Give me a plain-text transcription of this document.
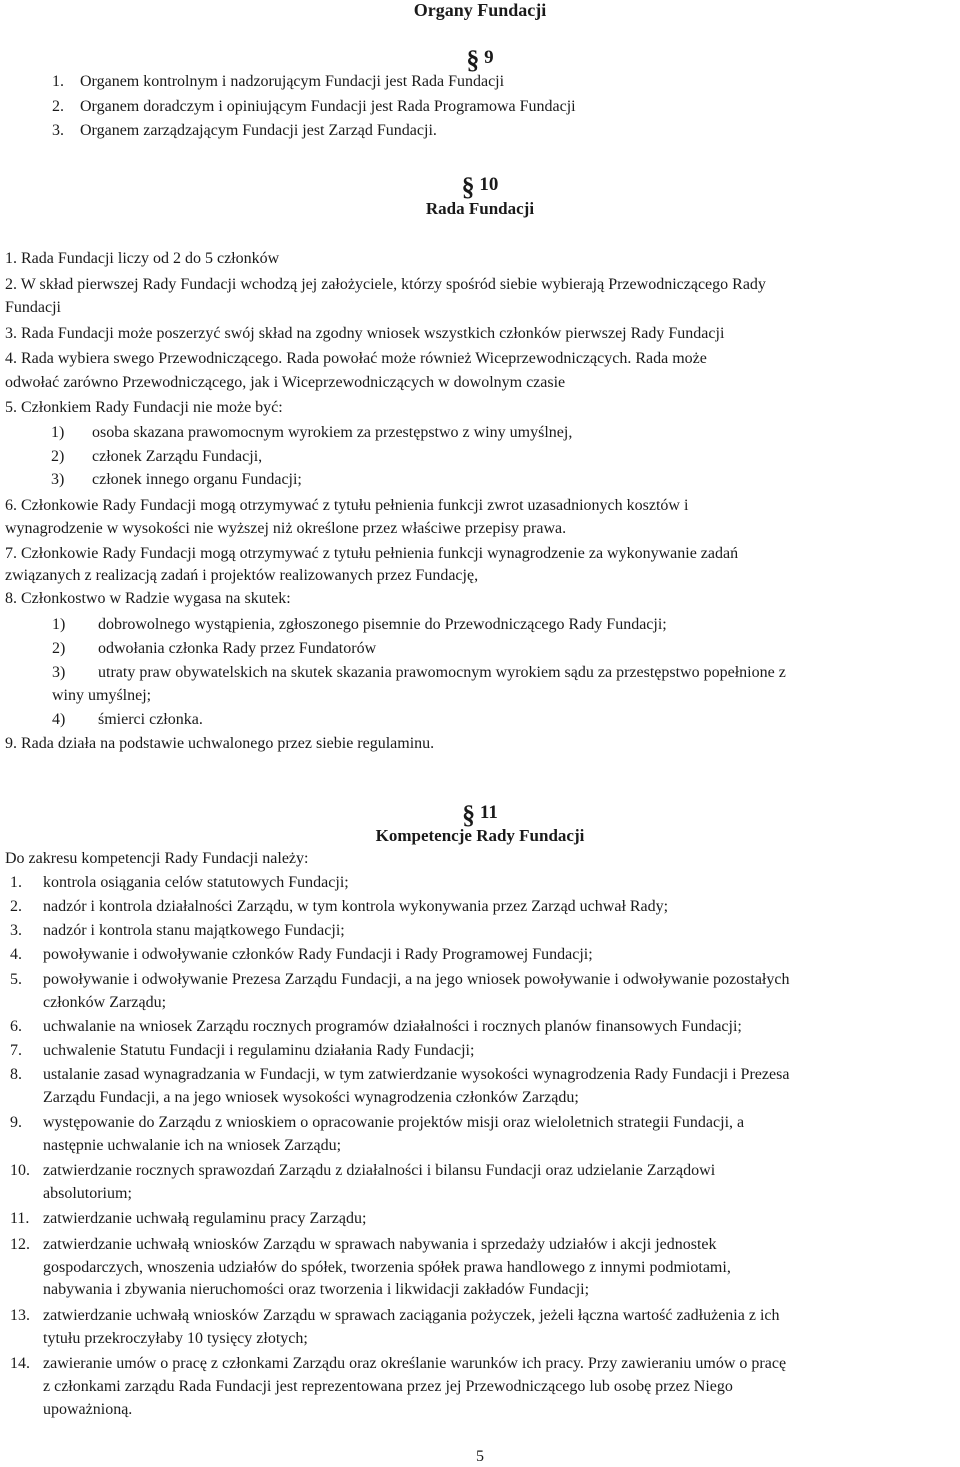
Organy Fundacji
§ 9
1. Organem kontrolnym i nadzorującym Fundacji jest Rada Fundacji
2. Organem doradczym i opiniującym Fundacji jest Rada Programowa Fundacji
3. Organem zarządzającym Fundacji jest Zarząd Fundacji.
§ 10
Rada Fundacji
1. Rada Fundacji liczy od 2 do 5 członków
2. W skład pierwszej Rady Fundacji wchodzą jej założyciele, którzy spośród siebie wybierają Przewodniczącego Rady
Fundacji
3. Rada Fundacji może poszerzyć swój skład na zgodny wniosek wszystkich członków pierwszej Rady Fundacji
4. Rada wybiera swego Przewodniczącego. Rada powołać może również Wiceprzewodniczących. Rada może
odwołać zarówno Przewodniczącego, jak i Wiceprzewodniczących w dowolnym czasie
5. Członkiem Rady Fundacji nie może być:
1) osoba skazana prawomocnym wyrokiem za przestępstwo z winy umyślnej,
2) członek Zarządu Fundacji,
3) członek innego organu Fundacji;
6. Członkowie Rady Fundacji mogą otrzymywać z tytułu pełnienia funkcji zwrot uzasadnionych kosztów i
wynagrodzenie w wysokości nie wyższej niż określone przez właściwe przepisy prawa.
7. Członkowie Rady Fundacji mogą otrzymywać z tytułu pełnienia funkcji wynagrodzenie za wykonywanie zadań
związanych z realizacją zadań i projektów realizowanych przez Fundację,
8. Członkostwo w Radzie wygasa na skutek:
1) dobrowolnego wystąpienia, zgłoszonego pisemnie do Przewodniczącego Rady Fundacji;
2) odwołania członka Rady przez Fundatorów
3) utraty praw obywatelskich na skutek skazania prawomocnym wyrokiem sądu za przestępstwo popełnione z
winy umyślnej;
4) śmierci członka.
9. Rada działa na podstawie uchwalonego przez siebie regulaminu.
§ 11
Kompetencje Rady Fundacji
Do zakresu kompetencji Rady Fundacji należy:
1. kontrola osiągania celów statutowych Fundacji;
2. nadzór i kontrola działalności Zarządu, w tym kontrola wykonywania przez Zarząd uchwał Rady;
3. nadzór i kontrola stanu majątkowego Fundacji;
4. powoływanie i odwoływanie członków Rady Fundacji i Rady Programowej Fundacji;
5. powoływanie i odwoływanie Prezesa Zarządu Fundacji, a na jego wniosek powoływanie i odwoływanie pozostałych
członków Zarządu;
6. uchwalanie na wniosek Zarządu rocznych programów działalności i rocznych planów finansowych Fundacji;
7. uchwalenie Statutu Fundacji i regulaminu działania Rady Fundacji;
8. ustalanie zasad wynagradzania w Fundacji, w tym zatwierdzanie wysokości wynagrodzenia Rady Fundacji i Prezesa
Zarządu Fundacji, a na jego wniosek wysokości wynagrodzenia członków Zarządu;
9. występowanie do Zarządu z wnioskiem o opracowanie projektów misji oraz wieloletnich strategii Fundacji, a
następnie uchwalanie ich na wniosek Zarządu;
10. zatwierdzanie rocznych sprawozdań Zarządu z działalności i bilansu Fundacji oraz udzielanie Zarządowi
absolutorium;
11. zatwierdzanie uchwałą regulaminu pracy Zarządu;
12. zatwierdzanie uchwałą wniosków Zarządu w sprawach nabywania i sprzedaży udziałów i akcji jednostek
gospodarczych, wnoszenia udziałów do spółek, tworzenia spółek prawa handlowego z innymi podmiotami,
nabywania i zbywania nieruchomości oraz tworzenia i likwidacji zakładów Fundacji;
13. zatwierdzanie uchwałą wniosków Zarządu w sprawach zaciągania pożyczek, jeżeli łączna wartość zadłużenia z ich
tytułu przekroczyłaby 10 tysięcy złotych;
14. zawieranie umów o pracę z członkami Zarządu oraz określanie warunków ich pracy. Przy zawieraniu umów o pracę
z członkami zarządu Rada Fundacji jest reprezentowana przez jej Przewodniczącego lub osobę przez Niego
upoważnioną.
5
